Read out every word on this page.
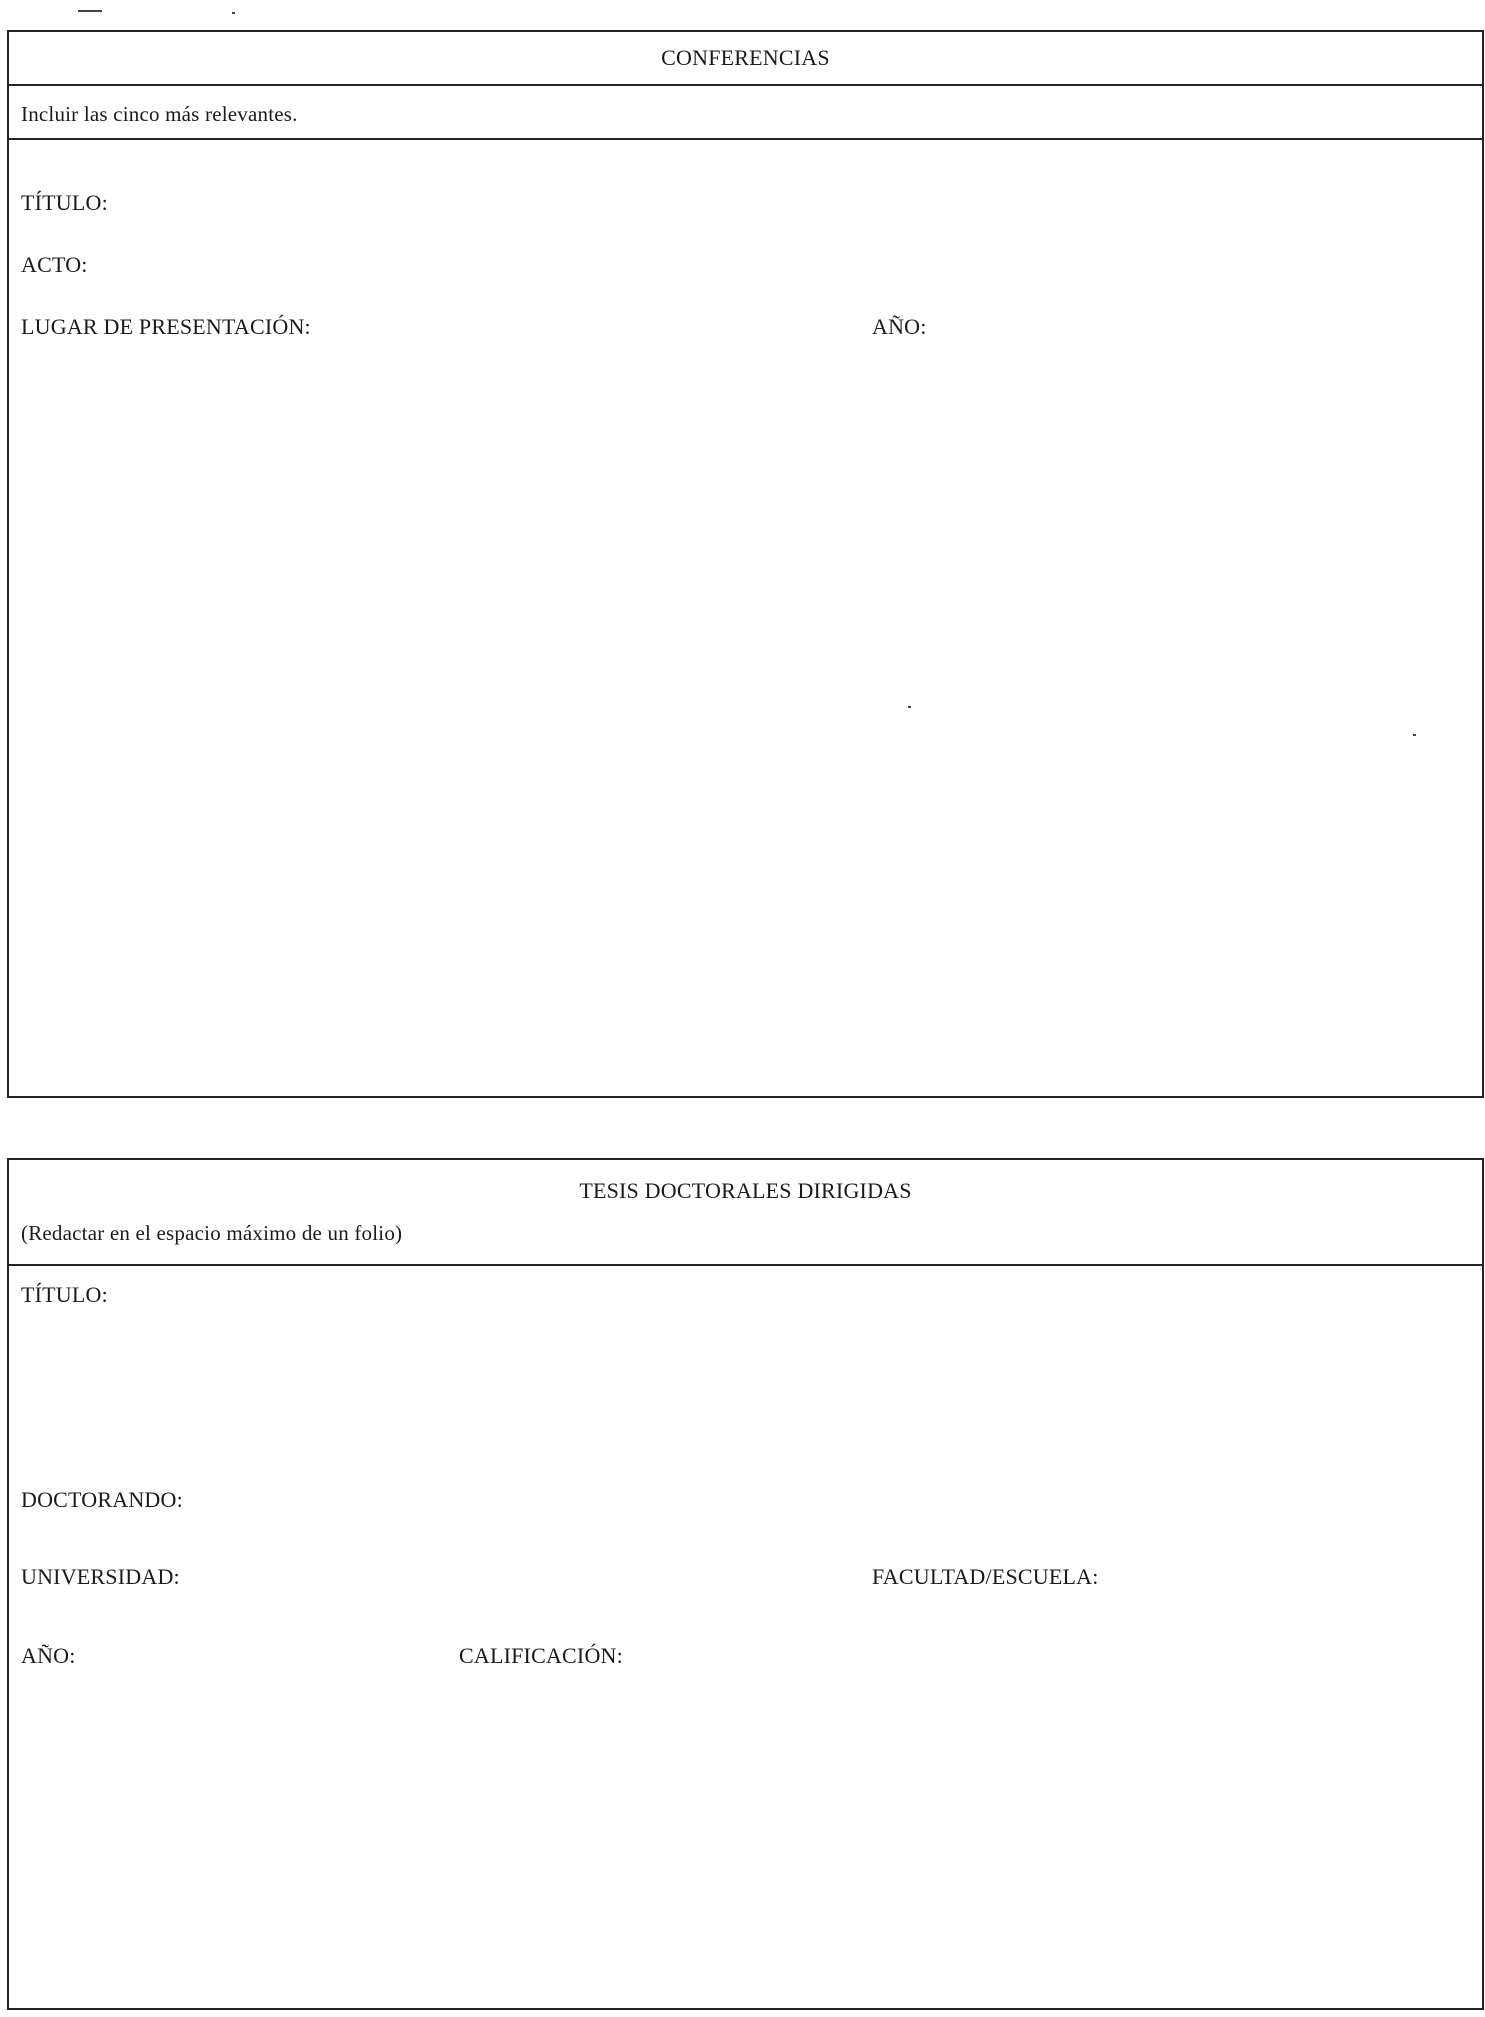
CONFERENCIAS
Incluir las cinco más relevantes.
TÍTULO:
ACTO:
LUGAR DE PRESENTACIÓN:	AÑO:
TESIS DOCTORALES DIRIGIDAS
(Redactar en el espacio máximo de un folio)
TÍTULO:
DOCTORANDO:
UNIVERSIDAD:	FACULTAD/ESCUELA:
AÑO:	CALIFICACIÓN:
